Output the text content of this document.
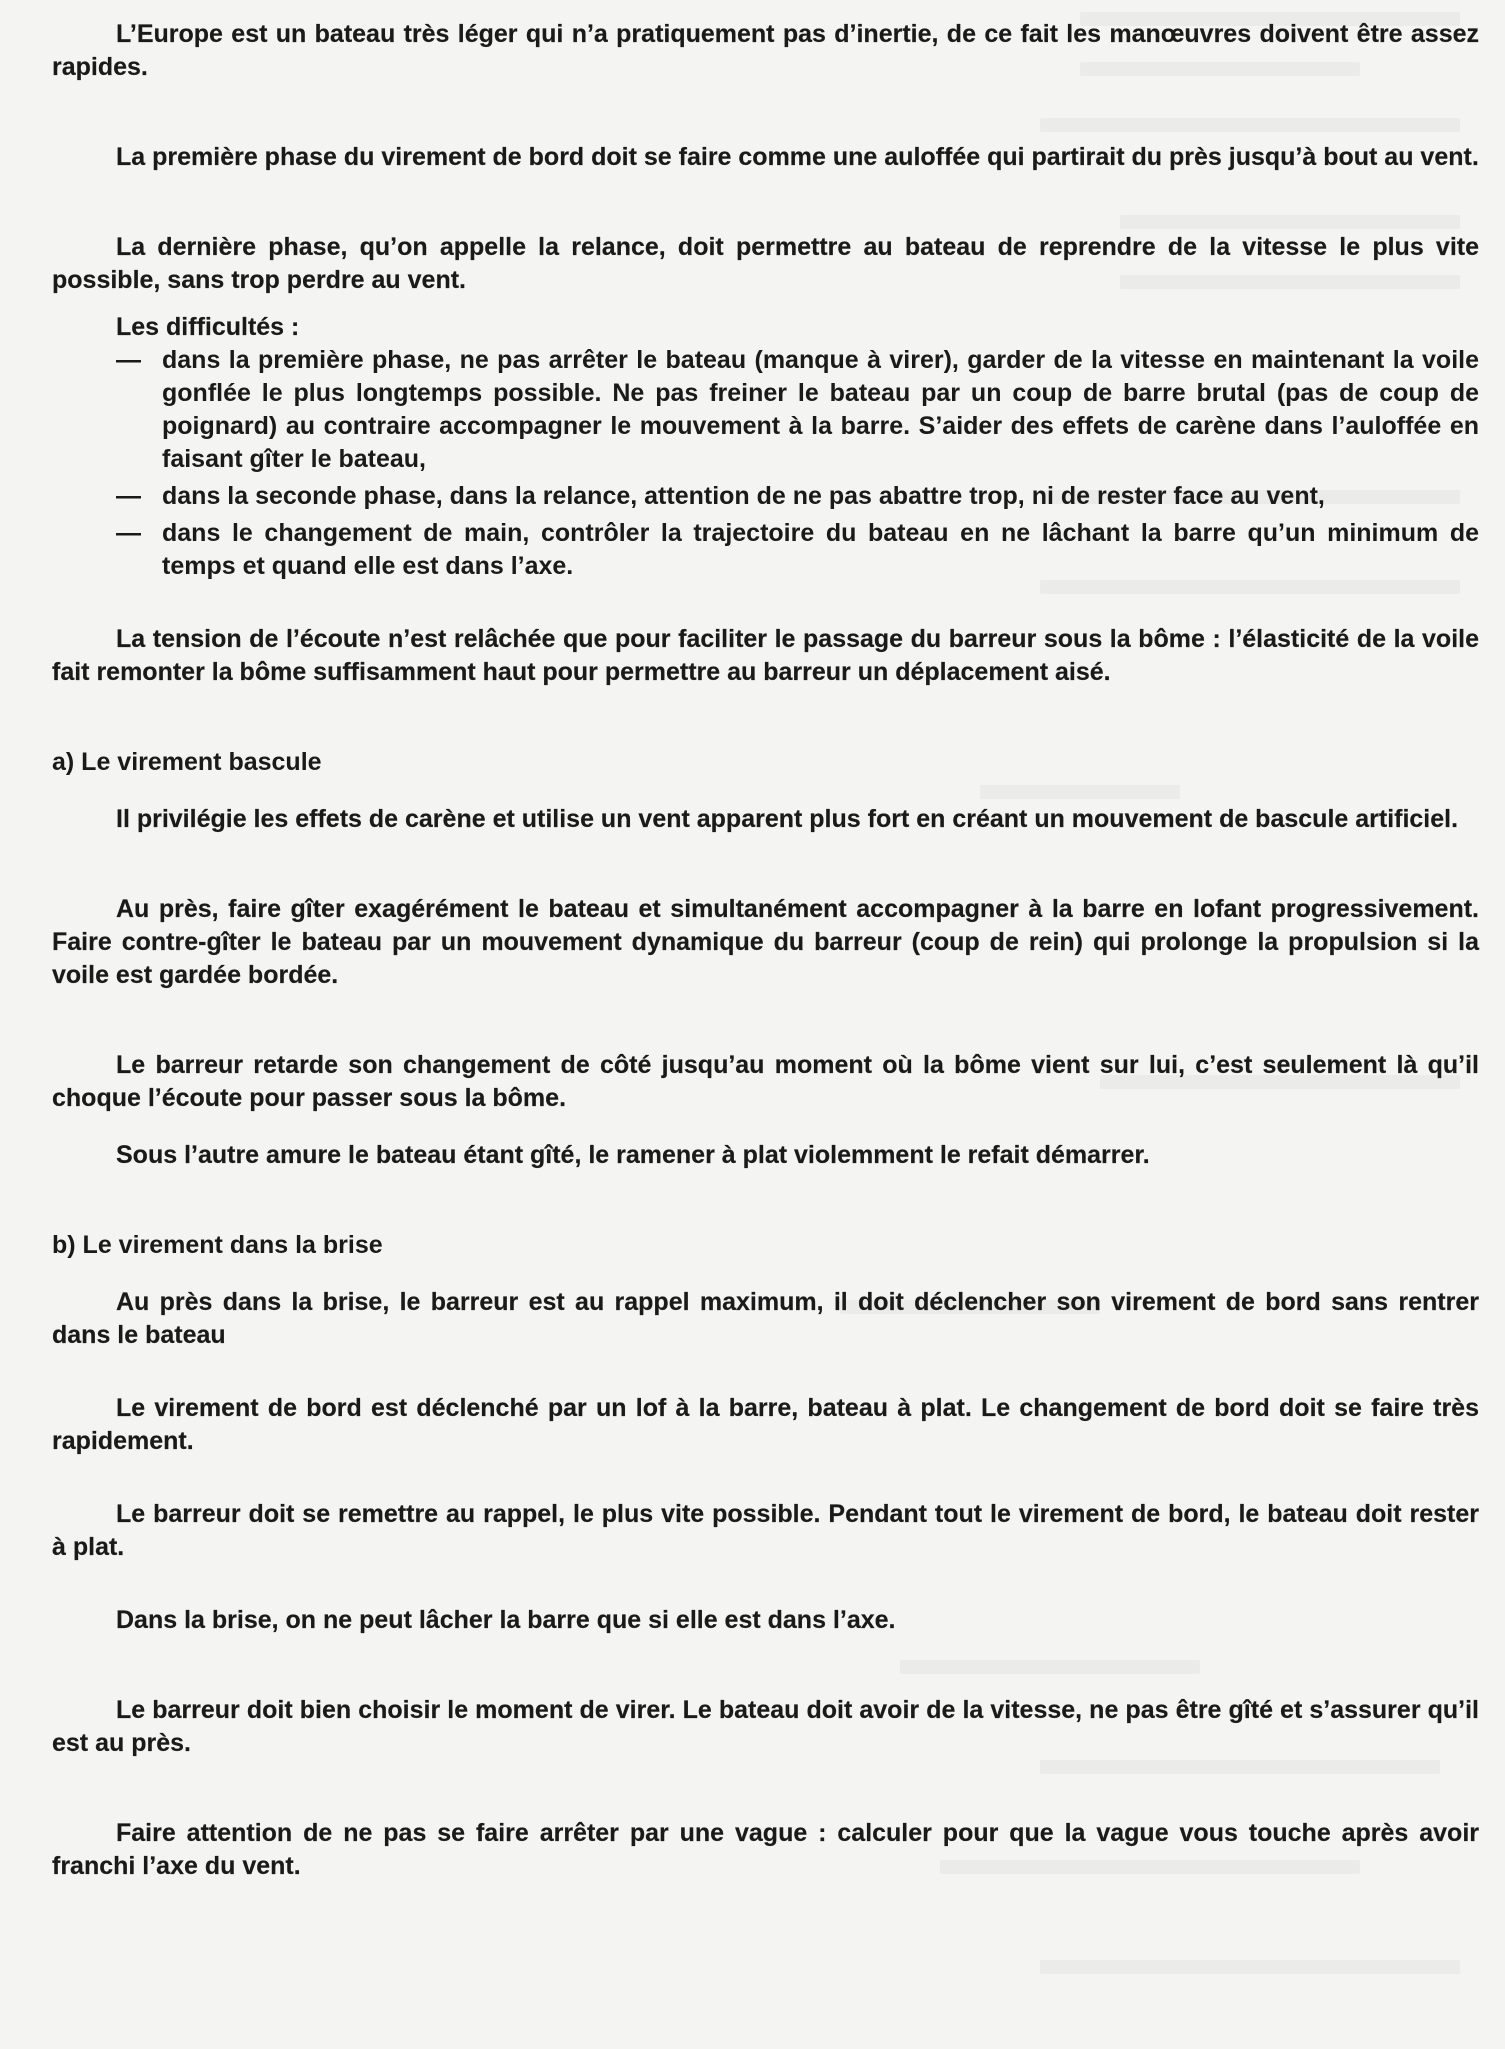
L’Europe est un bateau très léger qui n’a pratiquement pas d’inertie, de ce fait les manœuvres doivent être assez rapides.

La première phase du virement de bord doit se faire comme une auloffée qui partirait du près jusqu’à bout au vent.

La dernière phase, qu’on appelle la relance, doit permettre au bateau de reprendre de la vitesse le plus vite possible, sans trop perdre au vent.

Les difficultés :

— dans la première phase, ne pas arrêter le bateau (manque à virer), garder de la vitesse en maintenant la voile gonflée le plus longtemps possible. Ne pas freiner le bateau par un coup de barre brutal (pas de coup de poignard) au contraire accompagner le mouvement à la barre. S’aider des effets de carène dans l’auloffée en faisant gîter le bateau,
— dans la seconde phase, dans la relance, attention de ne pas abattre trop, ni de rester face au vent,
— dans le changement de main, contrôler la trajectoire du bateau en ne lâchant la barre qu’un minimum de temps et quand elle est dans l’axe.

La tension de l’écoute n’est relâchée que pour faciliter le passage du barreur sous la bôme : l’élasticité de la voile fait remonter la bôme suffisamment haut pour permettre au barreur un déplacement aisé.

a) Le virement bascule

Il privilégie les effets de carène et utilise un vent apparent plus fort en créant un mouvement de bascule artificiel.

Au près, faire gîter exagérément le bateau et simultanément accompagner à la barre en lofant progressivement. Faire contre-gîter le bateau par un mouvement dynamique du barreur (coup de rein) qui prolonge la propulsion si la voile est gardée bordée.

Le barreur retarde son changement de côté jusqu’au moment où la bôme vient sur lui, c’est seulement là qu’il choque l’écoute pour passer sous la bôme.

Sous l’autre amure le bateau étant gîté, le ramener à plat violemment le refait démarrer.

b) Le virement dans la brise

Au près dans la brise, le barreur est au rappel maximum, il doit déclencher son virement de bord sans rentrer dans le bateau

Le virement de bord est déclenché par un lof à la barre, bateau à plat. Le changement de bord doit se faire très rapidement.

Le barreur doit se remettre au rappel, le plus vite possible. Pendant tout le virement de bord, le bateau doit rester à plat.

Dans la brise, on ne peut lâcher la barre que si elle est dans l’axe.

Le barreur doit bien choisir le moment de virer. Le bateau doit avoir de la vitesse, ne pas être gîté et s’assurer qu’il est au près.

Faire attention de ne pas se faire arrêter par une vague : calculer pour que la vague vous touche après avoir franchi l’axe du vent.
